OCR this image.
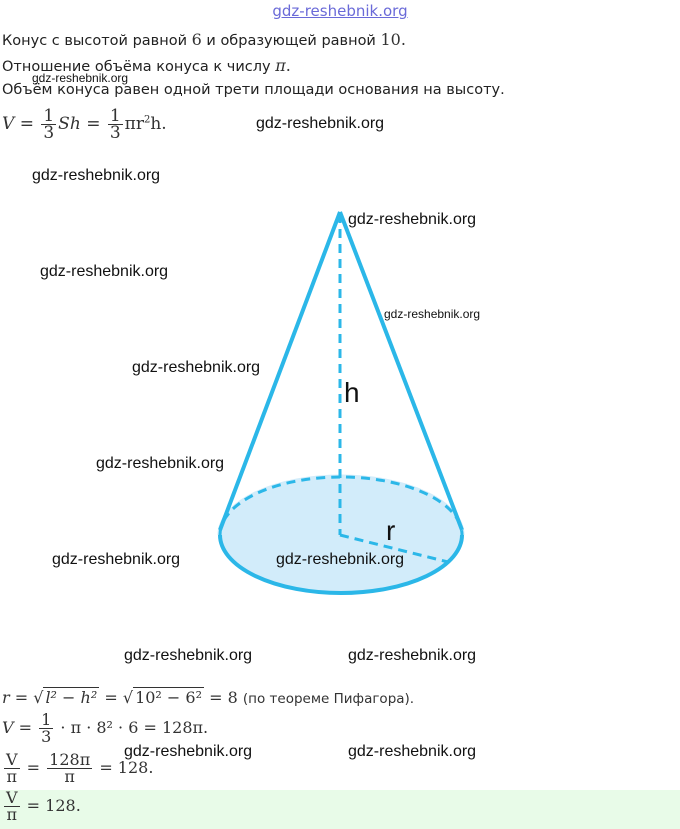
gdz-reshebnik.org
Конус с высотой равной 6 и образующей равной 10.
Отношение объёма конуса к числу π.
Объём конуса равен одной трети площади основания на высоту.
$V = \frac{1}{3}$ $Sh = \frac{1}{3} \pi r^2h$.
h
r
r = √ l² − h² = √ 10² − 6² = 8 (по теореме Пифагора).
$V = \frac{1}{3} \cdot \pi \cdot 8^2 \cdot 6 = 128\pi$.
$\frac{V}{\pi} = \frac{128\pi}{\pi} = 128$.
$\frac{V}{\pi} = 128$.
gdz-reshebnik.org
gdz-reshebnik.org
gdz-reshebnik.org
gdz-reshebnik.org
gdz-reshebnik.org
gdz-reshebnik.org
gdz-reshebnik.org
gdz-reshebnik.org
gdz-reshebnik.org	gdz-reshebnik.org
gdz-reshebnik.org	gdz-reshebnik.org
gdz-reshebnik.org	gdz-reshebnik.org
